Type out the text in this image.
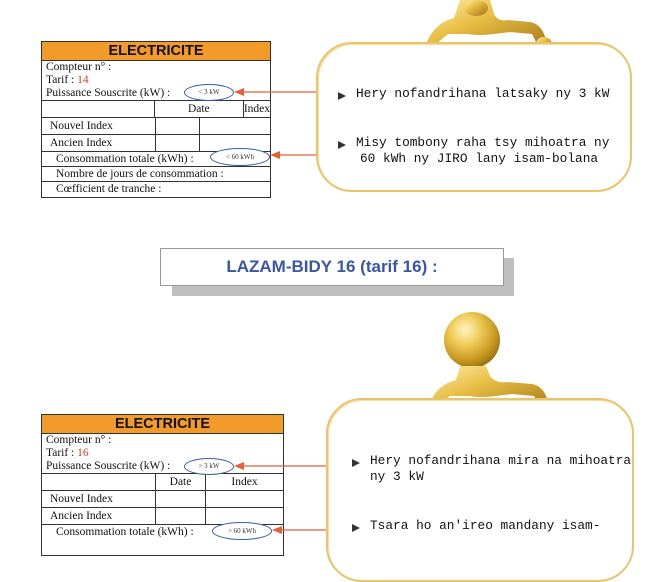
ELECTRICITE
Compteur n° :
Tarif : 14
Puissance Souscrite (kW) :
Date	Index
Nouvel Index
Ancien Index
Consommation totale (kWh) :
Nombre de jours de consommation :
Cœfficient de tranche :
< 3 kW
< 60 kWh
Hery nofandrihana latsaky ny 3 kW
Misy tombony raha tsy mihoatra ny
60 kWh ny JIRO lany isam-bolana
LAZAM-BIDY 16 (tarif 16) :
ELECTRICITE
Compteur n° :
Tarif : 16
Puissance Souscrite (kW) :
Date	Index
Nouvel Index
Ancien Index
Consommation totale (kWh) :
> 3 kW
> 60 kWh
Hery nofandrihana mira na mihoatra
ny 3 kW
Tsara ho an'ireo mandany isam-
